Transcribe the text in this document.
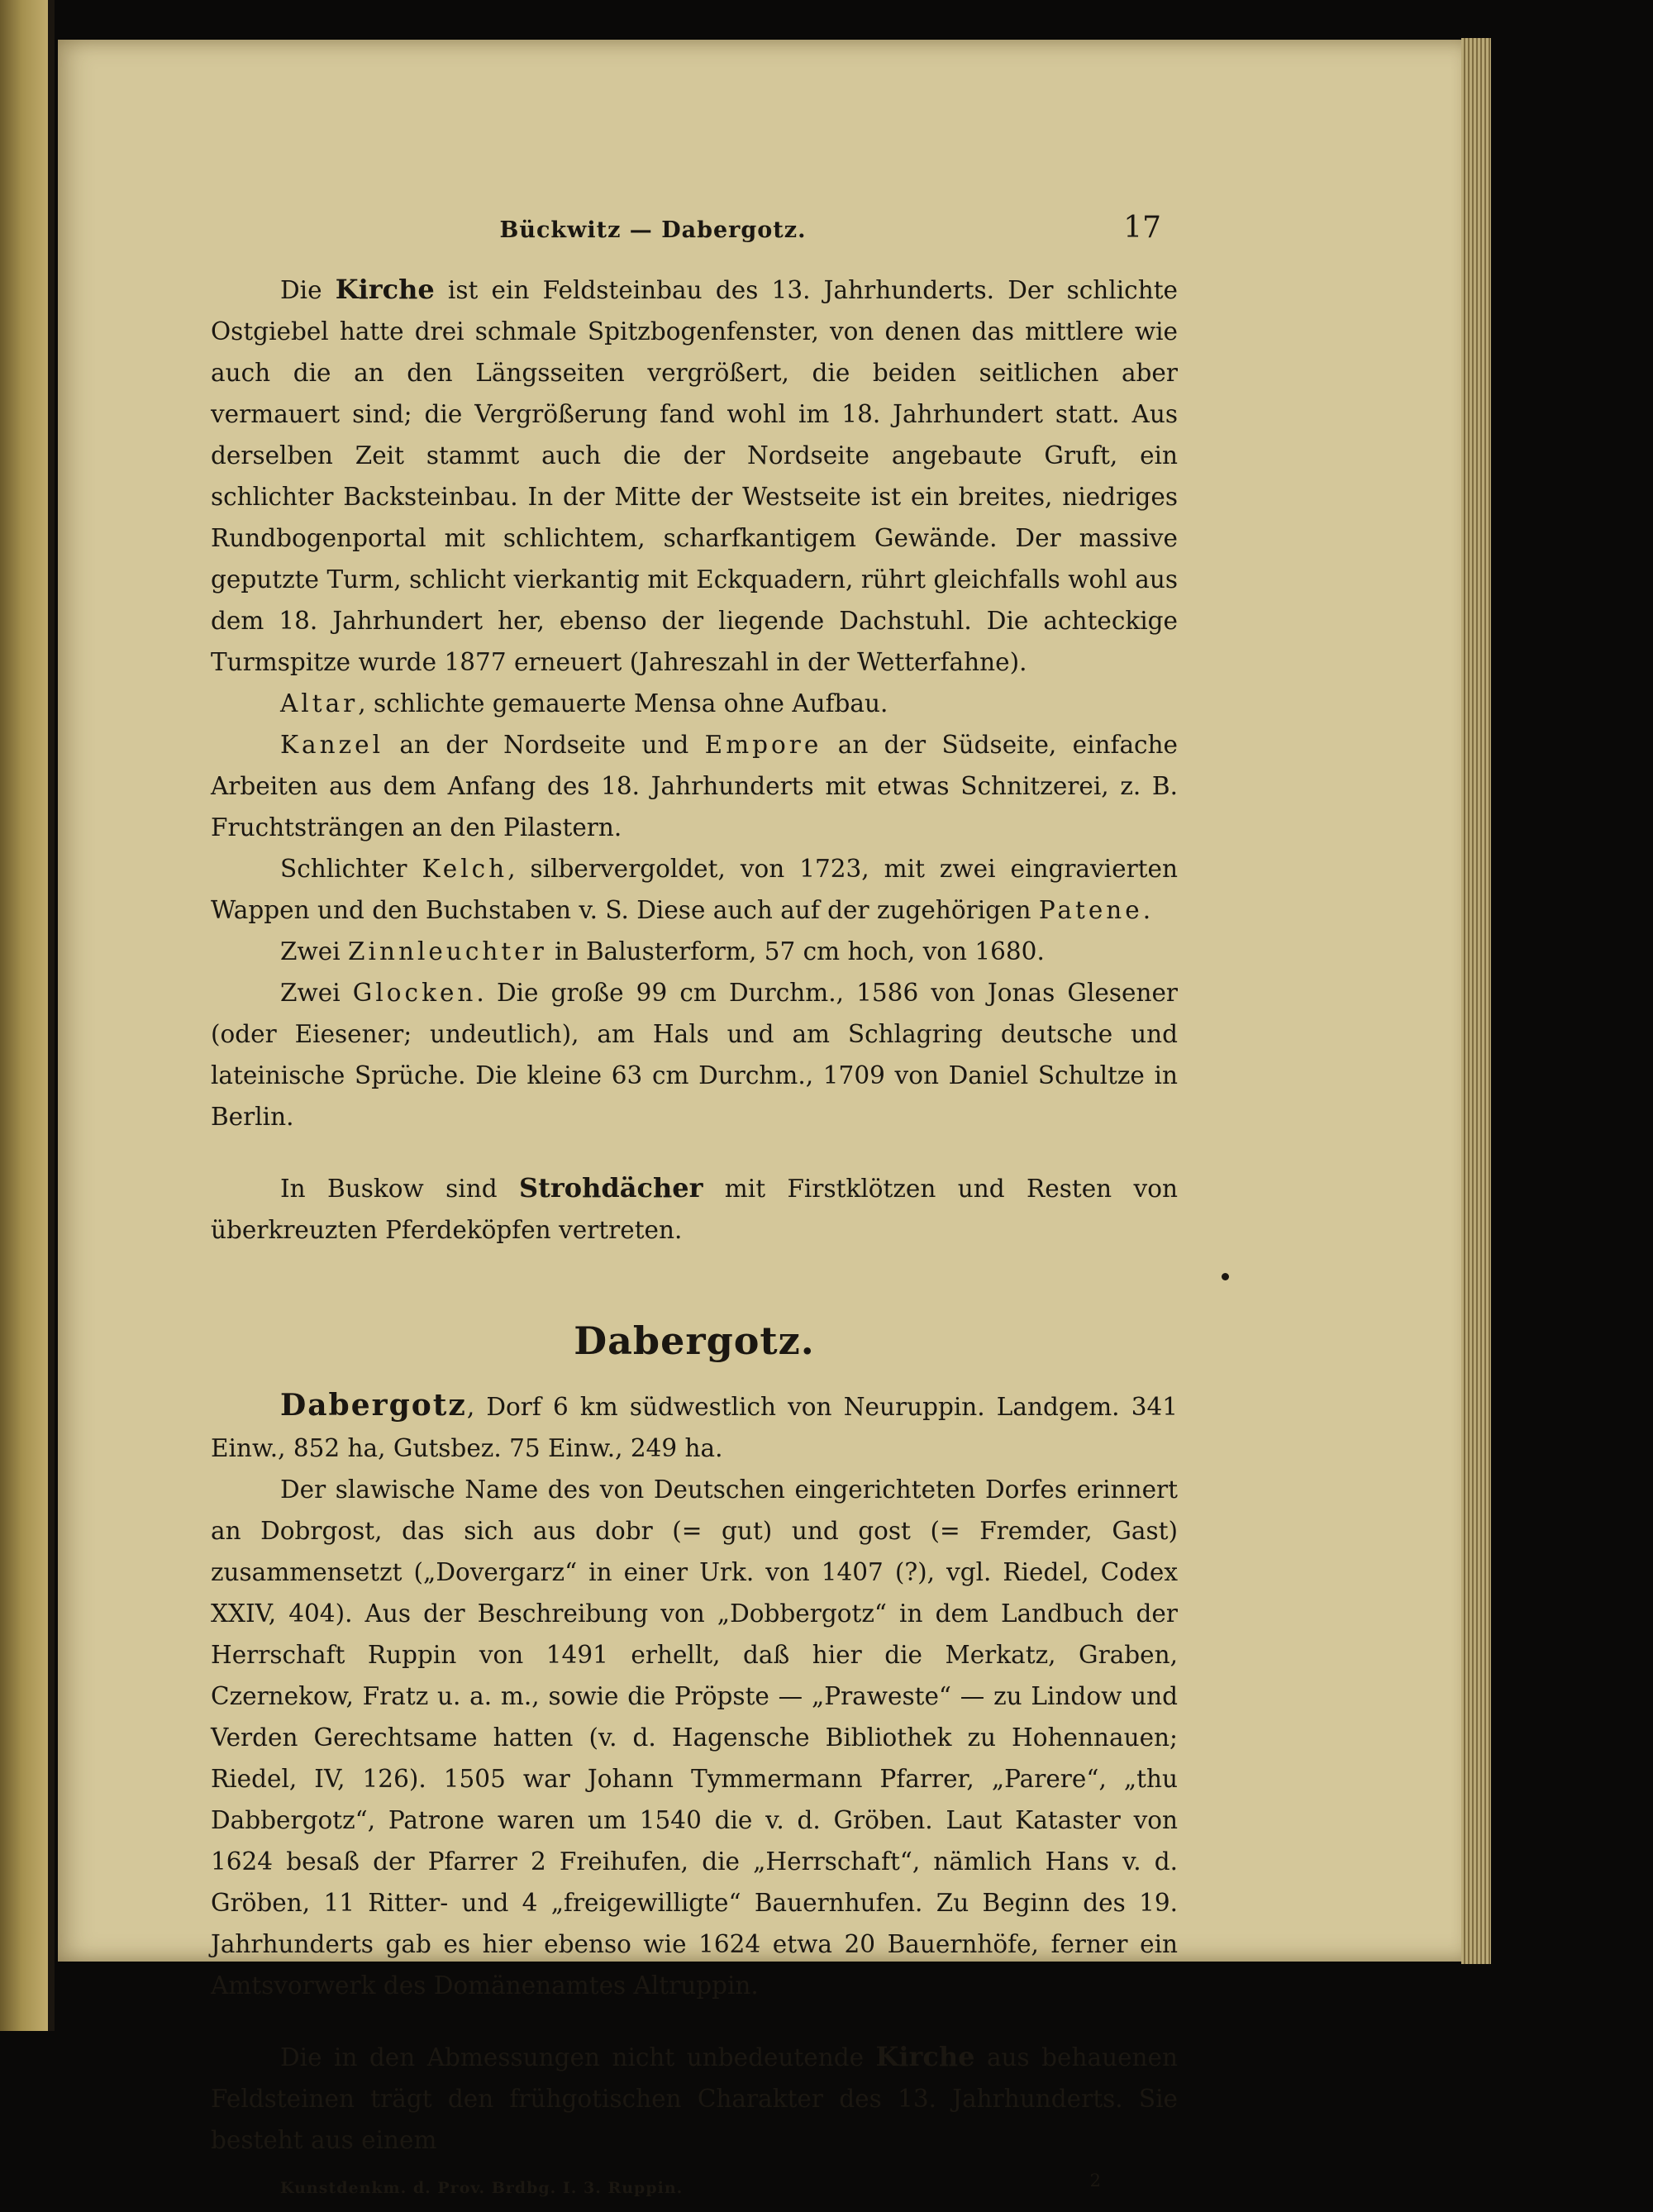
Bückwitz — Dabergotz.	17

Die Kirche ist ein Feldsteinbau des 13. Jahrhunderts. Der schlichte Ostgiebel hatte drei schmale Spitzbogenfenster, von denen das mittlere wie auch die an den Längsseiten vergrößert, die beiden seitlichen aber vermauert sind; die Vergrößerung fand wohl im 18. Jahrhundert statt. Aus derselben Zeit stammt auch die der Nordseite angebaute Gruft, ein schlichter Backsteinbau. In der Mitte der Westseite ist ein breites, niedriges Rundbogenportal mit schlichtem, scharfkantigem Gewände. Der massive geputzte Turm, schlicht vierkantig mit Eckquadern, rührt gleichfalls wohl aus dem 18. Jahrhundert her, ebenso der liegende Dachstuhl. Die achteckige Turmspitze wurde 1877 erneuert (Jahreszahl in der Wetterfahne).

Altar, schlichte gemauerte Mensa ohne Aufbau.

Kanzel an der Nordseite und Empore an der Südseite, einfache Arbeiten aus dem Anfang des 18. Jahrhunderts mit etwas Schnitzerei, z. B. Fruchtsträngen an den Pilastern.

Schlichter Kelch, silbervergoldet, von 1723, mit zwei eingravierten Wappen und den Buchstaben v. S. Diese auch auf der zugehörigen Patene.

Zwei Zinnleuchter in Balusterform, 57 cm hoch, von 1680.

Zwei Glocken. Die große 99 cm Durchm., 1586 von Jonas Glesener (oder Eiesener; undeutlich), am Hals und am Schlagring deutsche und lateinische Sprüche. Die kleine 63 cm Durchm., 1709 von Daniel Schultze in Berlin.

In Buskow sind Strohdächer mit Firstklötzen und Resten von überkreuzten Pferdeköpfen vertreten.

Dabergotz.

Dabergotz, Dorf 6 km südwestlich von Neuruppin. Landgem. 341 Einw., 852 ha, Gutsbez. 75 Einw., 249 ha.

Der slawische Name des von Deutschen eingerichteten Dorfes erinnert an Dobrgost, das sich aus dobr (= gut) und gost (= Fremder, Gast) zusammensetzt („Dovergarz“ in einer Urk. von 1407 (?), vgl. Riedel, Codex XXIV, 404). Aus der Beschreibung von „Dobbergotz“ in dem Landbuch der Herrschaft Ruppin von 1491 erhellt, daß hier die Merkatz, Graben, Czernekow, Fratz u. a. m., sowie die Pröpste — „Praweste“ — zu Lindow und Verden Gerechtsame hatten (v. d. Hagensche Bibliothek zu Hohennauen; Riedel, IV, 126). 1505 war Johann Tymmermann Pfarrer, „Parere“, „thu Dabbergotz“, Patrone waren um 1540 die v. d. Gröben. Laut Kataster von 1624 besaß der Pfarrer 2 Freihufen, die „Herrschaft“, nämlich Hans v. d. Gröben, 11 Ritter- und 4 „freigewilligte“ Bauernhufen. Zu Beginn des 19. Jahrhunderts gab es hier ebenso wie 1624 etwa 20 Bauernhöfe, ferner ein Amtsvorwerk des Domänenamtes Altruppin.

Die in den Abmessungen nicht unbedeutende Kirche aus behauenen Feldsteinen trägt den frühgotischen Charakter des 13. Jahrhunderts. Sie besteht aus einem

Kunstdenkm. d. Prov. Brdbg. I. 3. Ruppin.	2
